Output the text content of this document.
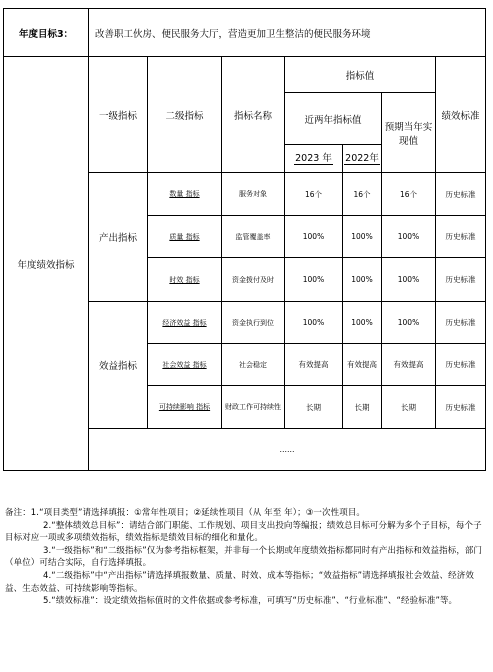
年度目标3：	改善职工伙房、便民服务大厅，营造更加卫生整洁的便民服务环境						
年度绩效指标	一级指标	二级指标	指标名称	指标值			绩效标准
				近两年指标值		预期当年实现值	
				2023 年	2022年		
	产出指标	数量 指标	服务对象	16个	16个	16个	历史标准
		质量 指标	监管覆盖率	100%	100%	100%	历史标准
		时效 指标	资金拨付及时	100%	100%	100%	历史标准
	效益指标	经济效益 指标	资金执行到位	100%	100%	100%	历史标准
		社会效益 指标	社会稳定	有效提高	有效提高	有效提高	历史标准
		可持续影响 指标	财政工作可持续性	长期	长期	长期	历史标准
	……						

备注：1.“项目类型”请选择填报：①常年性项目；②延续性项目（从 年至 年）；③一次性项目。

2.“整体绩效总目标”：请结合部门职能、工作规划、项目支出投向等编报；绩效总目标可分解为多个子目标，每个子目标对应一项或多项绩效指标，绩效指标是绩效目标的细化和量化。

3.“一级指标”和“二级指标”仅为参考指标框架，并非每一个长期或年度绩效指标都同时有产出指标和效益指标，部门（单位）可结合实际，自行选择填报。

4.“二级指标”中“产出指标”请选择填报数量、质量、时效、成本等指标；“效益指标”请选择填报社会效益、经济效益、生态效益、可持续影响等指标。

5.“绩效标准”：设定绩效指标值时的文件依据或参考标准，可填写“历史标准”、“行业标准”、“经验标准”等。
